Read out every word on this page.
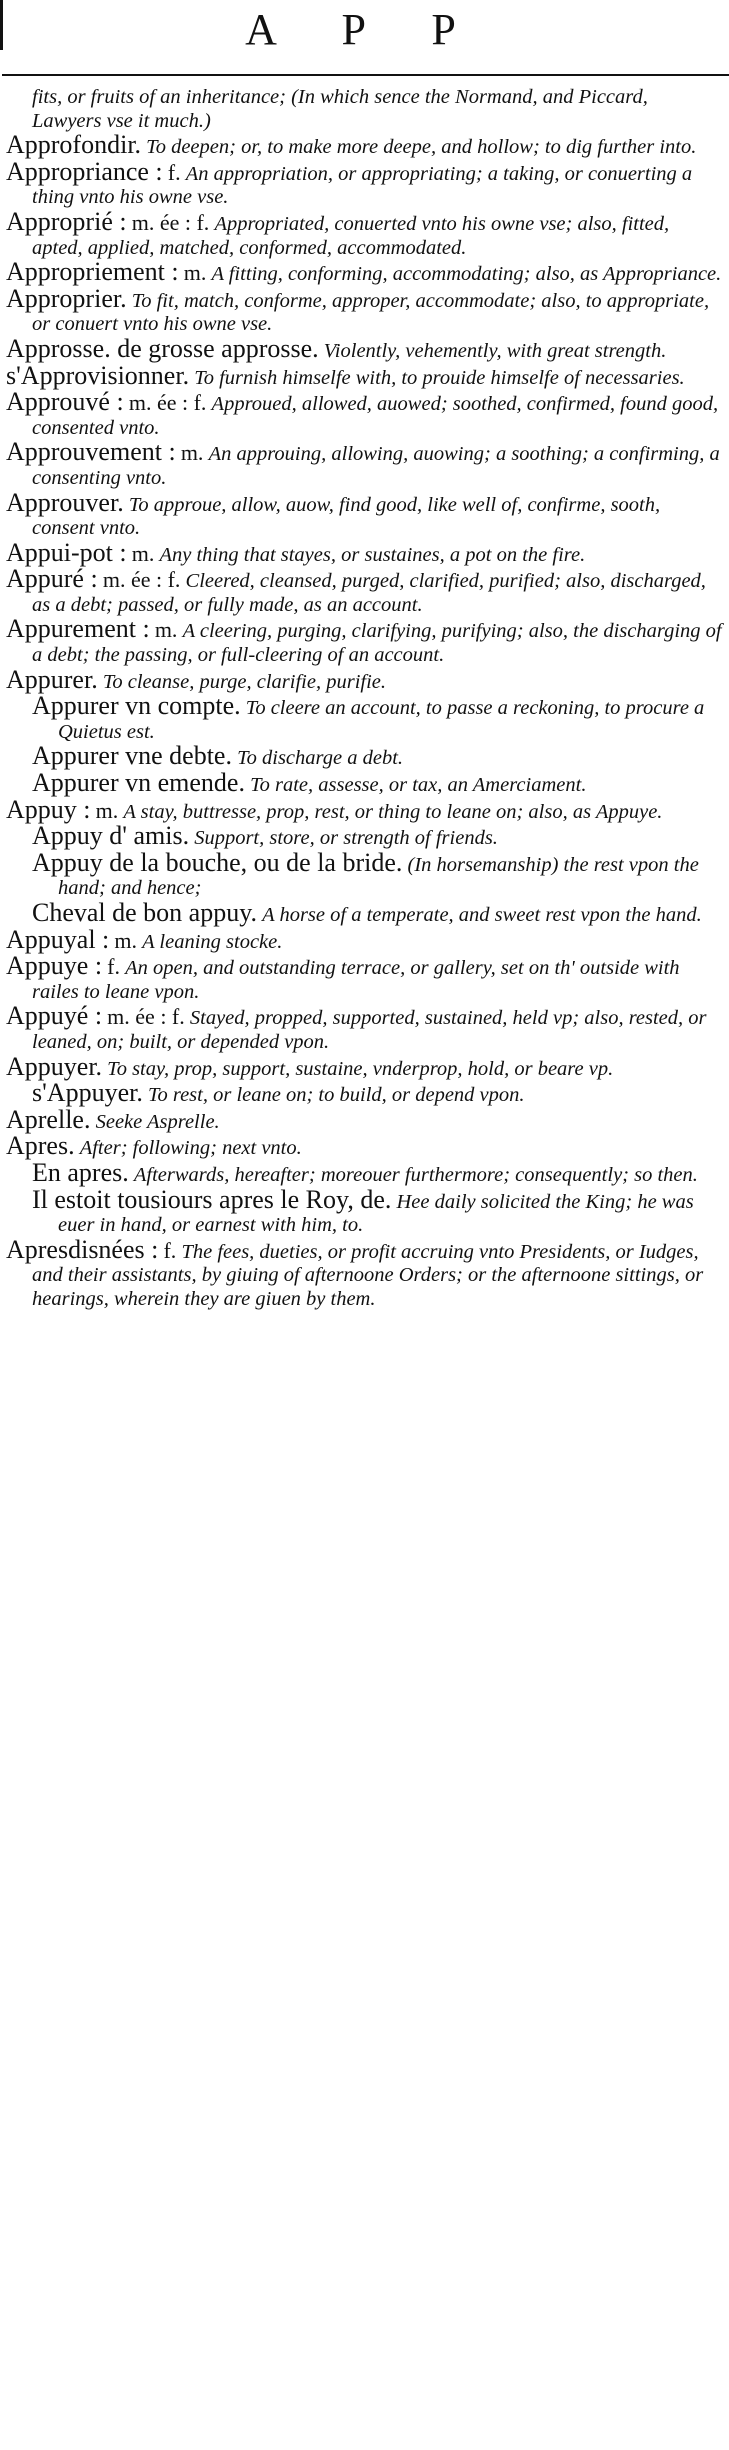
A P P

fits, or fruits of an inheritance; (In which sence the Normand, and Piccard, Lawyers vse it much.)

Approfondir. To deepen; or, to make more deepe, and hollow; to dig further into.

Appropriance : f. An appropriation, or appropriating; a taking, or conuerting a thing vnto his owne vse.

Approprié : m. ée : f. Appropriated, conuerted vnto his owne vse; also, fitted, apted, applied, matched, conformed, accommodated.

Appropriement : m. A fitting, conforming, accommodating; also, as Appropriance.

Approprier. To fit, match, conforme, approper, accommodate; also, to appropriate, or conuert vnto his owne vse.

Approsse. de grosse approsse. Violently, vehemently, with great strength.

s'Approvisionner. To furnish himselfe with, to prouide himselfe of necessaries.

Approuvé : m. ée : f. Approued, allowed, auowed; soothed, confirmed, found good, consented vnto.

Approuvement : m. An approuing, allowing, auowing; a soothing; a confirming, a consenting vnto.

Approuver. To approue, allow, auow, find good, like well of, confirme, sooth, consent vnto.

Appui-pot : m. Any thing that stayes, or sustaines, a pot on the fire.

Appuré : m. ée : f. Cleered, cleansed, purged, clarified, purified; also, discharged, as a debt; passed, or fully made, as an account.

Appurement : m. A cleering, purging, clarifying, purifying; also, the discharging of a debt; the passing, or full-cleering of an account.

Appurer. To cleanse, purge, clarifie, purifie.

Appurer vn compte. To cleere an account, to passe a reckoning, to procure a Quietus est.

Appurer vne debte. To discharge a debt.

Appurer vn emende. To rate, assesse, or tax, an Amerciament.

Appuy : m. A stay, buttresse, prop, rest, or thing to leane on; also, as Appuye.

Appuy d' amis. Support, store, or strength of friends.

Appuy de la bouche, ou de la bride. (In horsemanship) the rest vpon the hand; and hence;

Cheval de bon appuy. A horse of a temperate, and sweet rest vpon the hand.

Appuyal : m. A leaning stocke.

Appuye : f. An open, and outstanding terrace, or gallery, set on th' outside with railes to leane vpon.

Appuyé : m. ée : f. Stayed, propped, supported, sustained, held vp; also, rested, or leaned, on; built, or depended vpon.

Appuyer. To stay, prop, support, sustaine, vnderprop, hold, or beare vp.

s'Appuyer. To rest, or leane on; to build, or depend vpon.

Aprelle. Seeke Asprelle.

Apres. After; following; next vnto.

En apres. Afterwards, hereafter; moreouer furthermore; consequently; so then.

Il estoit tousiours apres le Roy, de. Hee daily solicited the King; he was euer in hand, or earnest with him, to.

Apresdisnées : f. The fees, dueties, or profit accruing vnto Presidents, or Iudges, and their assistants, by giuing of afternoone Orders; or the afternoone sittings, or hearings, wherein they are giuen by them.
